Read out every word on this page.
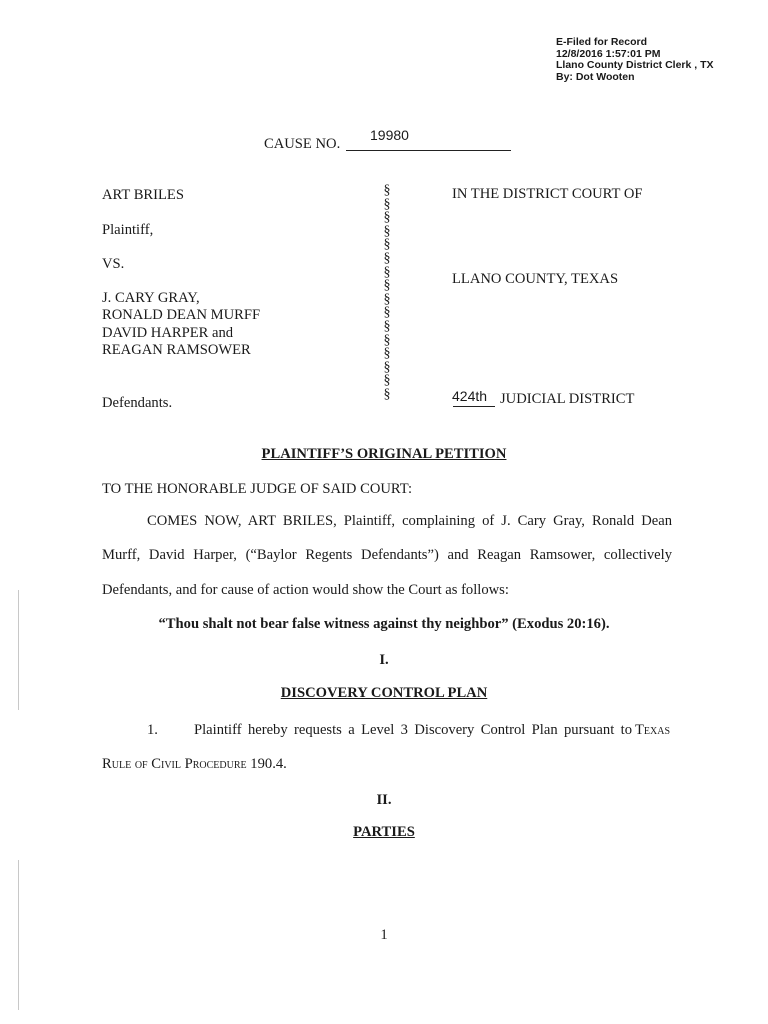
E-Filed for Record
12/8/2016 1:57:01 PM
Llano County District Clerk , TX
By: Dot Wooten
CAUSE NO.
19980
ART BRILES
Plaintiff,
VS.
J. CARY GRAY,
RONALD DEAN MURFF
DAVID HARPER and
REAGAN RAMSOWER
Defendants.
§
§
§
§
§
§
§
§
§
§
§
§
§
§
§
§
IN THE DISTRICT COURT OF
LLANO COUNTY, TEXAS
424th JUDICIAL DISTRICT
PLAINTIFF’S ORIGINAL PETITION
TO THE HONORABLE JUDGE OF SAID COURT:
COMES NOW, ART BRILES, Plaintiff, complaining of J. Cary Gray, Ronald Dean
Murff, David Harper, (“Baylor Regents Defendants”) and Reagan Ramsower, collectively
Defendants, and for cause of action would show the Court as follows:
“Thou shalt not bear false witness against thy neighbor” (Exodus 20:16).
I.
DISCOVERY CONTROL PLAN
1. Plaintiff hereby requests a Level 3 Discovery Control Plan pursuant to Texas
Rule of Civil Procedure 190.4.
II.
PARTIES
1
